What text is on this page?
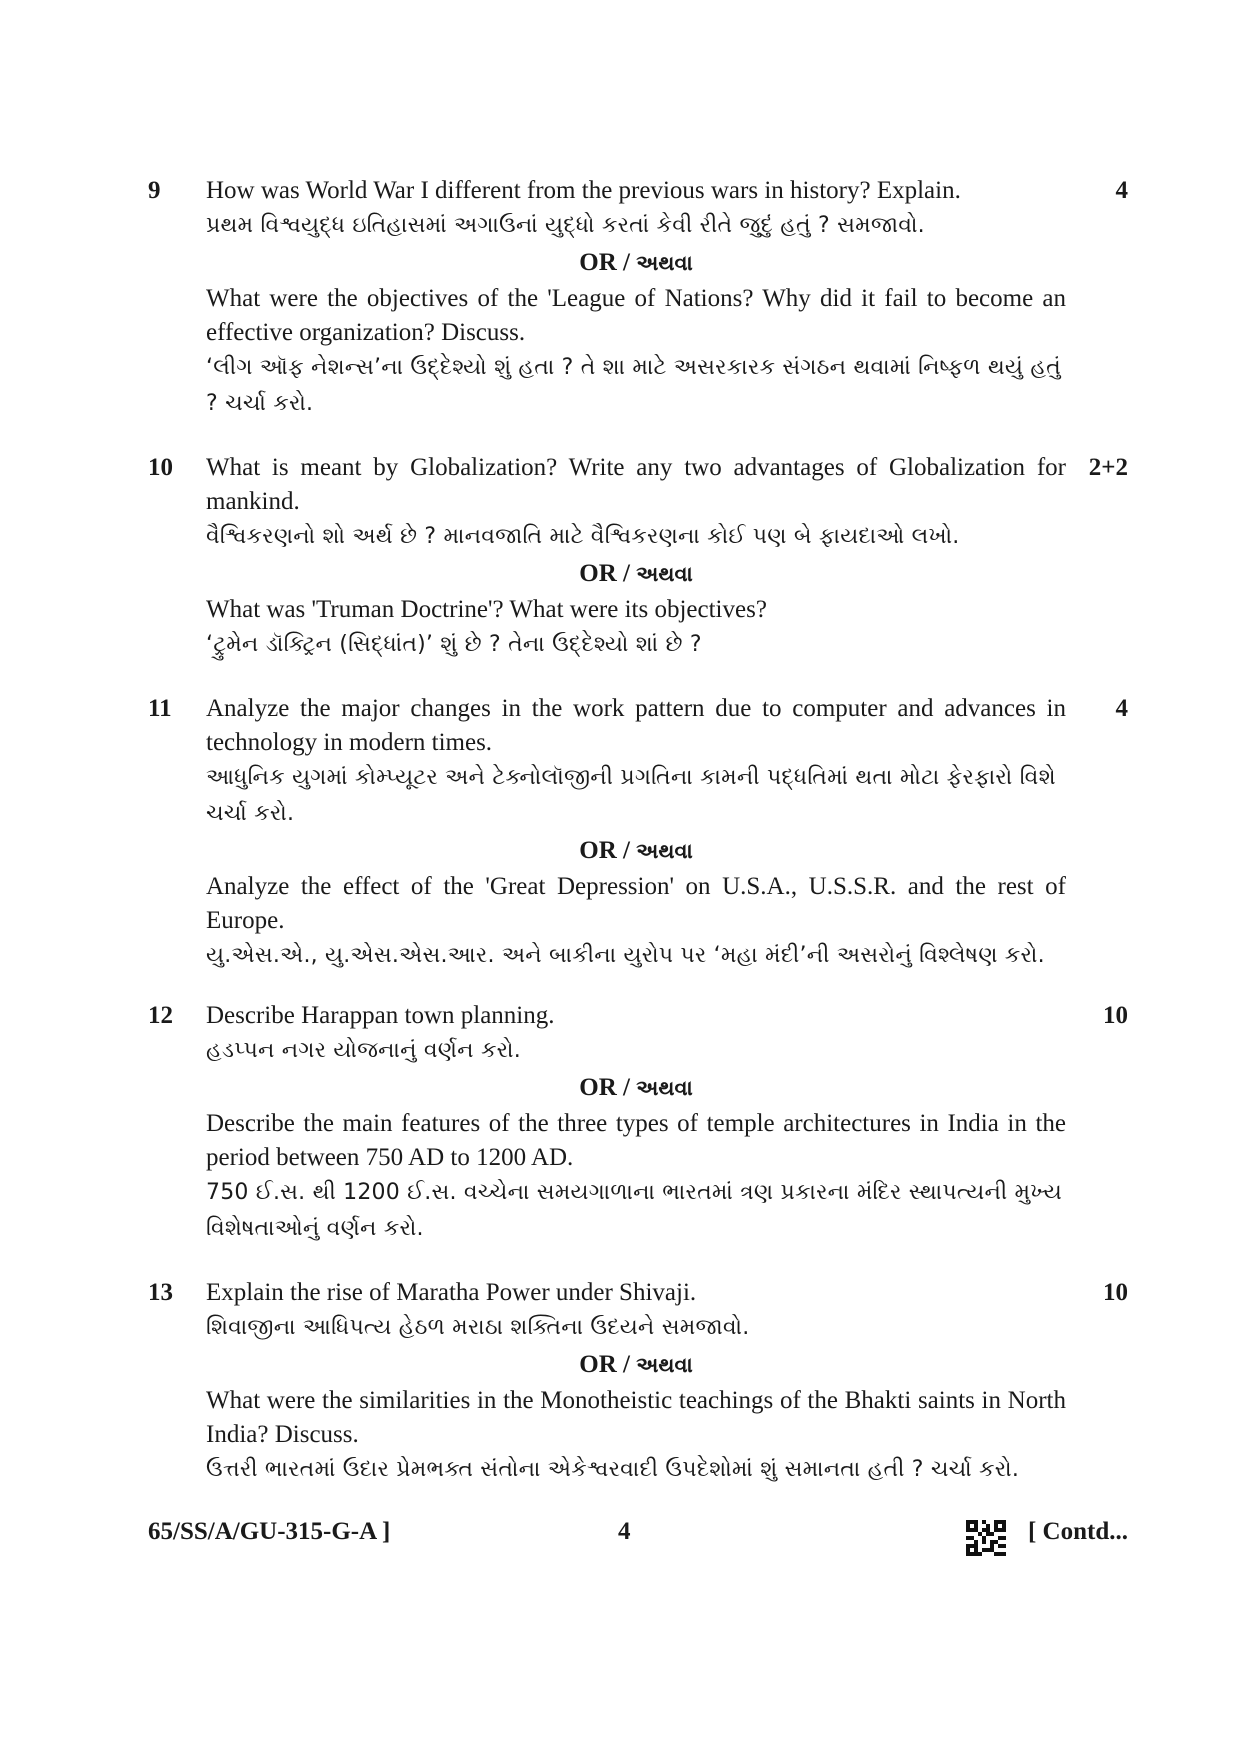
9	4
How was World War I different from the previous wars in history? Explain.
પ્રથમ વિશ્વયુદ્ધ ઇતિહાસમાં અગાઉનાં યુદ્ધો કરતાં કેવી રીતે જુદું હતું ? સમજાવો.
OR / અથવા
What were the objectives of the 'League of Nations? Why did it fail to become an effective organization? Discuss.
‘લીગ ઑફ નેશન્સ’ના ઉદ્દેશ્યો શું હતા ? તે શા માટે અસરકારક સંગઠન થવામાં નિષ્ફળ થયું હતું ? ચર્ચા કરો.
10	2+2
What is meant by Globalization? Write any two advantages of Globalization for mankind.
વૈશ્વિકરણનો શો અર્થ છે ? માનવજાતિ માટે વૈશ્વિકરણના કોઈ પણ બે ફાયદાઓ લખો.
OR / અથવા
What was 'Truman Doctrine'? What were its objectives?
‘ટ્રુમેન ડૉક્ટ્રિન (સિદ્ધાંત)’ શું છે ? તેના ઉદ્દેશ્યો શાં છે ?
11	4
Analyze the major changes in the work pattern due to computer and advances in technology in modern times.
આધુનિક યુગમાં કોમ્પ્યૂટર અને ટેક્નોલૉજીની પ્રગતિના કામની પદ્ધતિમાં થતા મોટા ફેરફારો વિશે ચર્ચા કરો.
OR / અથવા
Analyze the effect of the 'Great Depression' on U.S.A., U.S.S.R. and the rest of Europe.
યુ.એસ.એ., યુ.એસ.એસ.આર. અને બાકીના યુરોપ પર ‘મહા મંદી’ની અસરોનું વિશ્લેષણ કરો.
12	10
Describe Harappan town planning.
હડપ્પન નગર યોજનાનું વર્ણન કરો.
OR / અથવા
Describe the main features of the three types of temple architectures in India in the period between 750 AD to 1200 AD.
750 ઈ.સ. થી 1200 ઈ.સ. વચ્ચેના સમયગાળાના ભારતમાં ત્રણ પ્રકારના મંદિર સ્થાપત્યની મુખ્ય વિશેષતાઓનું વર્ણન કરો.
13	10
Explain the rise of Maratha Power under Shivaji.
શિવાજીના આધિપત્ય હેઠળ મરાઠા શક્તિના ઉદયને સમજાવો.
OR / અથવા
What were the similarities in the Monotheistic teachings of the Bhakti saints in North India? Discuss.
ઉત્તરી ભારતમાં ઉદાર પ્રેમભક્ત સંતોના એકેશ્વરવાદી ઉપદેશોમાં શું સમાનતા હતી ? ચર્ચા કરો.
65/SS/A/GU-315-G-A ]	4	[ Contd...
